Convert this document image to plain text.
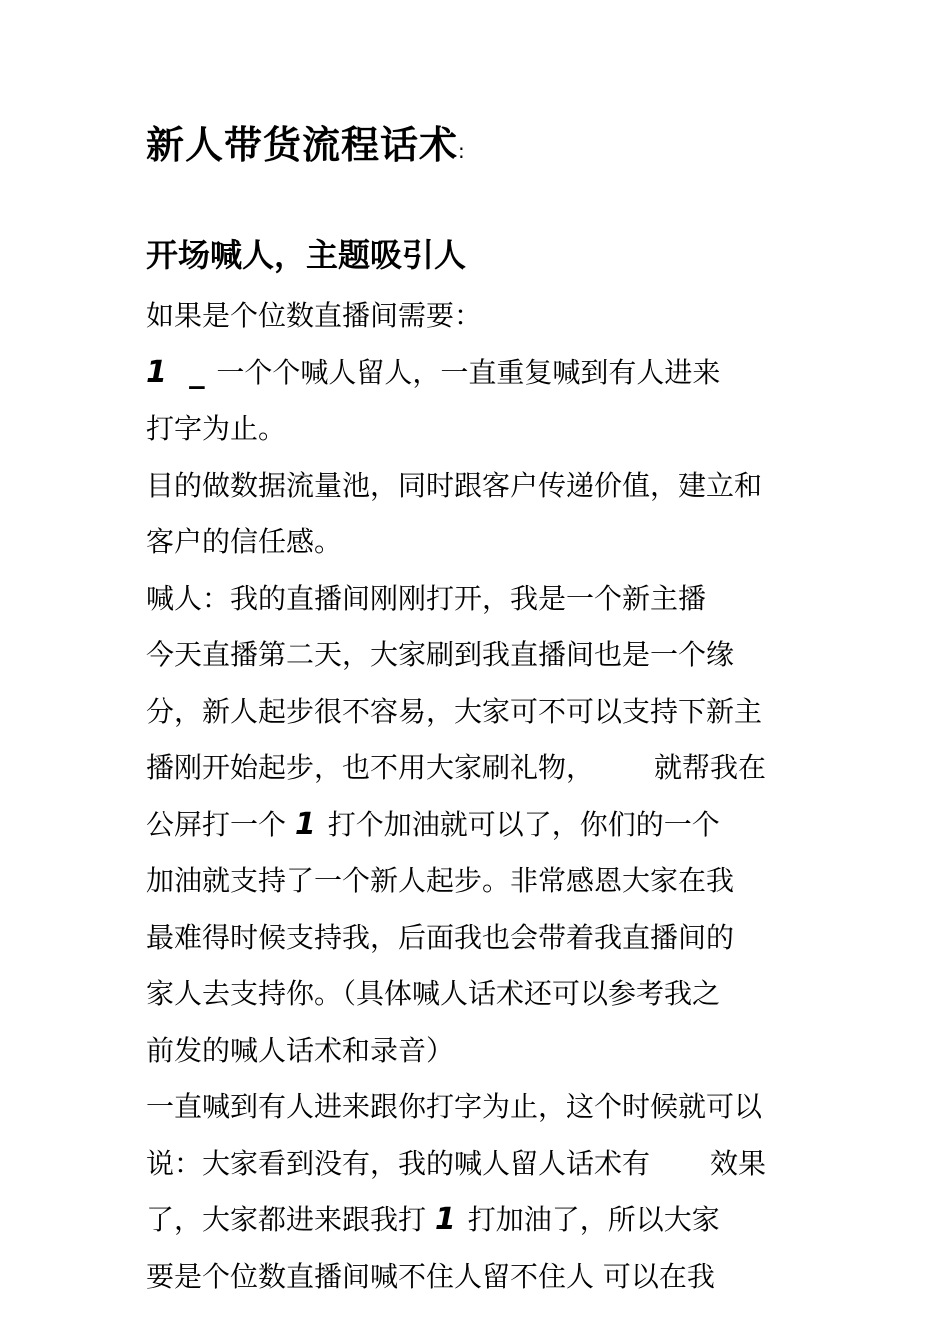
新人带货流程话术:
开场喊人，主题吸引人

如果是个位数直播间需要：

1 _ 一个个喊人留人，一直重复喊到有人进来

打字为止。

目的做数据流量池，同时跟客户传递价值，建立和

客户的信任感。

喊人：我的直播间刚刚打开，我是一个新主播

今天直播第二天，大家刷到我直播间也是一个缘

分，新人起步很不容易，大家可不可以支持下新主

播刚开始起步，也不用大家刷礼物， 就帮我在

公屏打一个 1 打个加油就可以了，你们的一个

加油就支持了一个新人起步。非常感恩大家在我

最难得时候支持我，后面我也会带着我直播间的

家人去支持你。（具体喊人话术还可以参考我之

前发的喊人话术和录音）

一直喊到有人进来跟你打字为止，这个时候就可以

说：大家看到没有，我的喊人留人话术有 效果

了，大家都进来跟我打 1 打加油了，所以大家

要是个位数直播间喊不住人留不住人 可以在我
